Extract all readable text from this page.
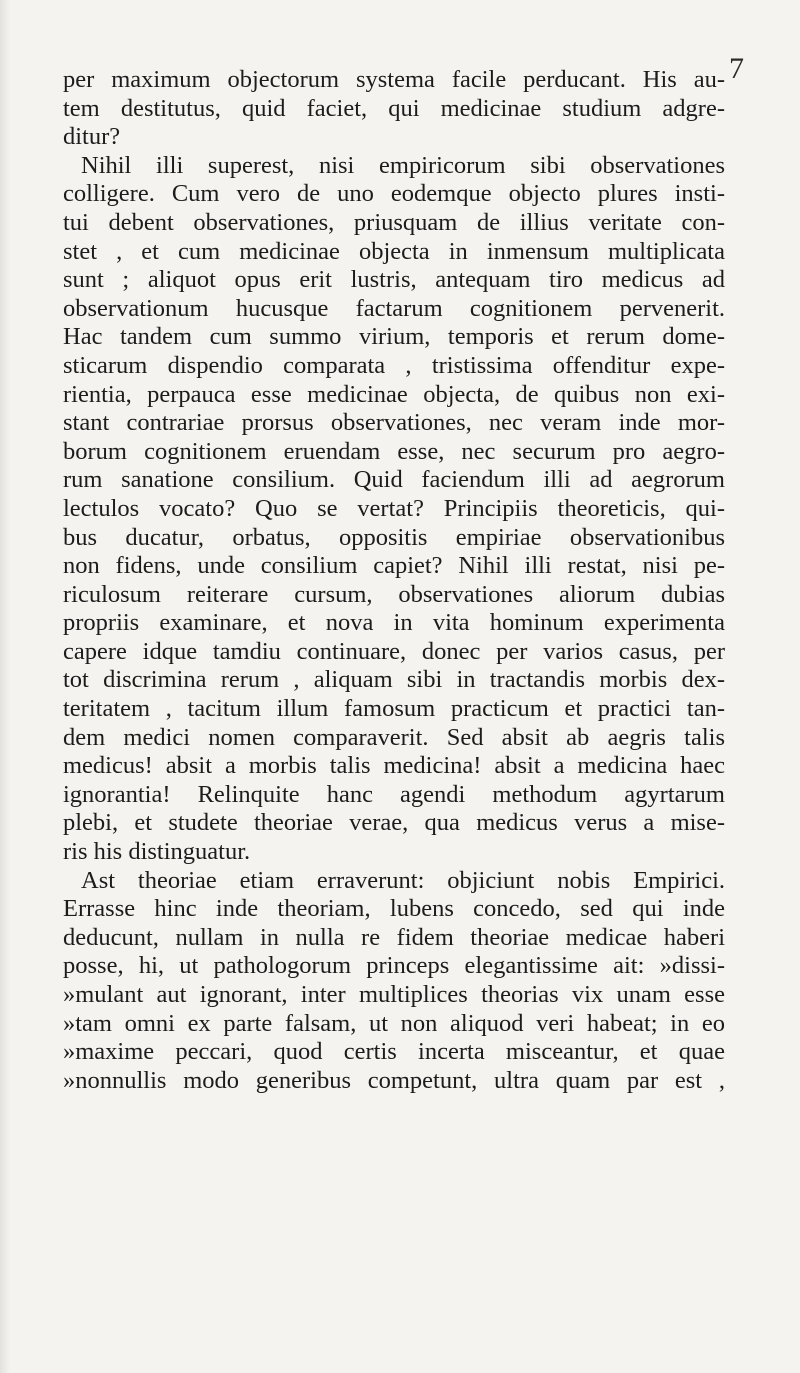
7
per maximum objectorum systema facile perducant. His au-
tem destitutus, quid faciet, qui medicinae studium adgre-
ditur?
Nihil illi superest, nisi empiricorum sibi observationes
colligere. Cum vero de uno eodemque objecto plures insti-
tui debent observationes, priusquam de illius veritate con-
stet , et cum medicinae objecta in inmensum multiplicata
sunt ; aliquot opus erit lustris, antequam tiro medicus ad
observationum hucusque factarum cognitionem pervenerit.
Hac tandem cum summo virium, temporis et rerum dome-
sticarum dispendio comparata , tristissima offenditur expe-
rientia, perpauca esse medicinae objecta, de quibus non exi-
stant contrariae prorsus observationes, nec veram inde mor-
borum cognitionem eruendam esse, nec securum pro aegro-
rum sanatione consilium. Quid faciendum illi ad aegrorum
lectulos vocato? Quo se vertat? Principiis theoreticis, qui-
bus ducatur, orbatus, oppositis empiriae observationibus
non fidens, unde consilium capiet? Nihil illi restat, nisi pe-
riculosum reiterare cursum, observationes aliorum dubias
propriis examinare, et nova in vita hominum experimenta
capere idque tamdiu continuare, donec per varios casus, per
tot discrimina rerum , aliquam sibi in tractandis morbis dex-
teritatem , tacitum illum famosum practicum et practici tan-
dem medici nomen comparaverit. Sed absit ab aegris talis
medicus! absit a morbis talis medicina! absit a medicina haec
ignorantia! Relinquite hanc agendi methodum agyrtarum
plebi, et studete theoriae verae, qua medicus verus a mise-
ris his distinguatur.
Ast theoriae etiam erraverunt: objiciunt nobis Empirici.
Errasse hinc inde theoriam, lubens concedo, sed qui inde
deducunt, nullam in nulla re fidem theoriae medicae haberi
posse, hi, ut pathologorum princeps elegantissime ait: »dissi-
»mulant aut ignorant, inter multiplices theorias vix unam esse
»tam omni ex parte falsam, ut non aliquod veri habeat; in eo
»maxime peccari, quod certis incerta misceantur, et quae
»nonnullis modo generibus competunt, ultra quam par est ,
